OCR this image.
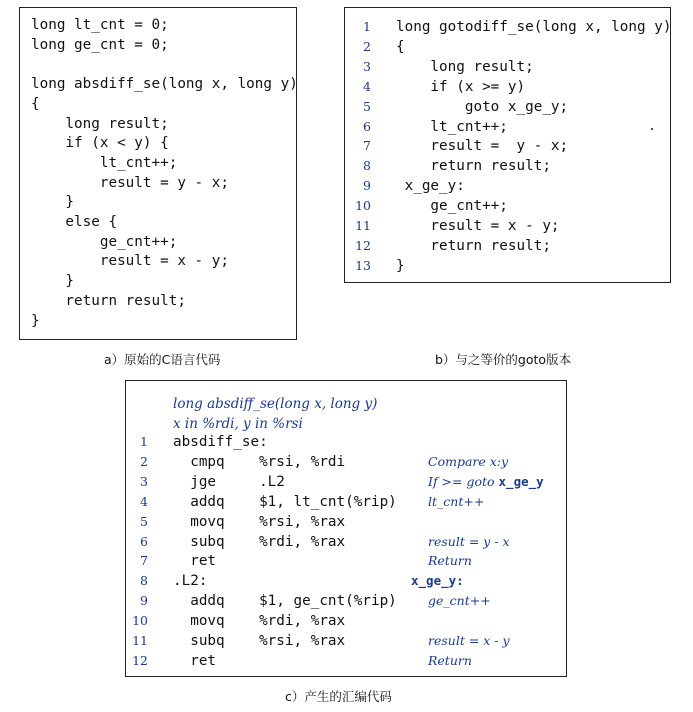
long lt_cnt = 0;
long ge_cnt = 0;
long absdiff_se(long x, long y)
{
long result;
if (x < y) {
lt_cnt++;
result = y - x;
}
else {
ge_cnt++;
result = x - y;
}
return result;
}
a）原始的C语言代码
1 long gotodiff_se(long x, long y)
2 {
3 long result;
4 if (x >= y)
5 goto x_ge_y;
6 lt_cnt++;
7 result =  y - x;
8 return result;
9 x_ge_y:
10 ge_cnt++;
11 result = x - y;
12 return result;
13 }
b）与之等价的goto版本
long absdiff_se(long x, long y)
x in %rdi, y in %rsi
1 absdiff_se:
2 cmpq    %rsi, %rdi
3 jge     .L2
4 addq    $1, lt_cnt(%rip)
5 movq    %rsi, %rax
6 subq    %rdi, %rax
7 ret
8 .L2:
9 addq    $1, ge_cnt(%rip)
10 movq    %rdi, %rax
11 subq    %rsi, %rax
12 ret
Compare x:y
If >= goto x_ge_y
lt_cnt++
result = y - x
Return
x_ge_y:
ge_cnt++
result = x - y
Return
c）产生的汇编代码
